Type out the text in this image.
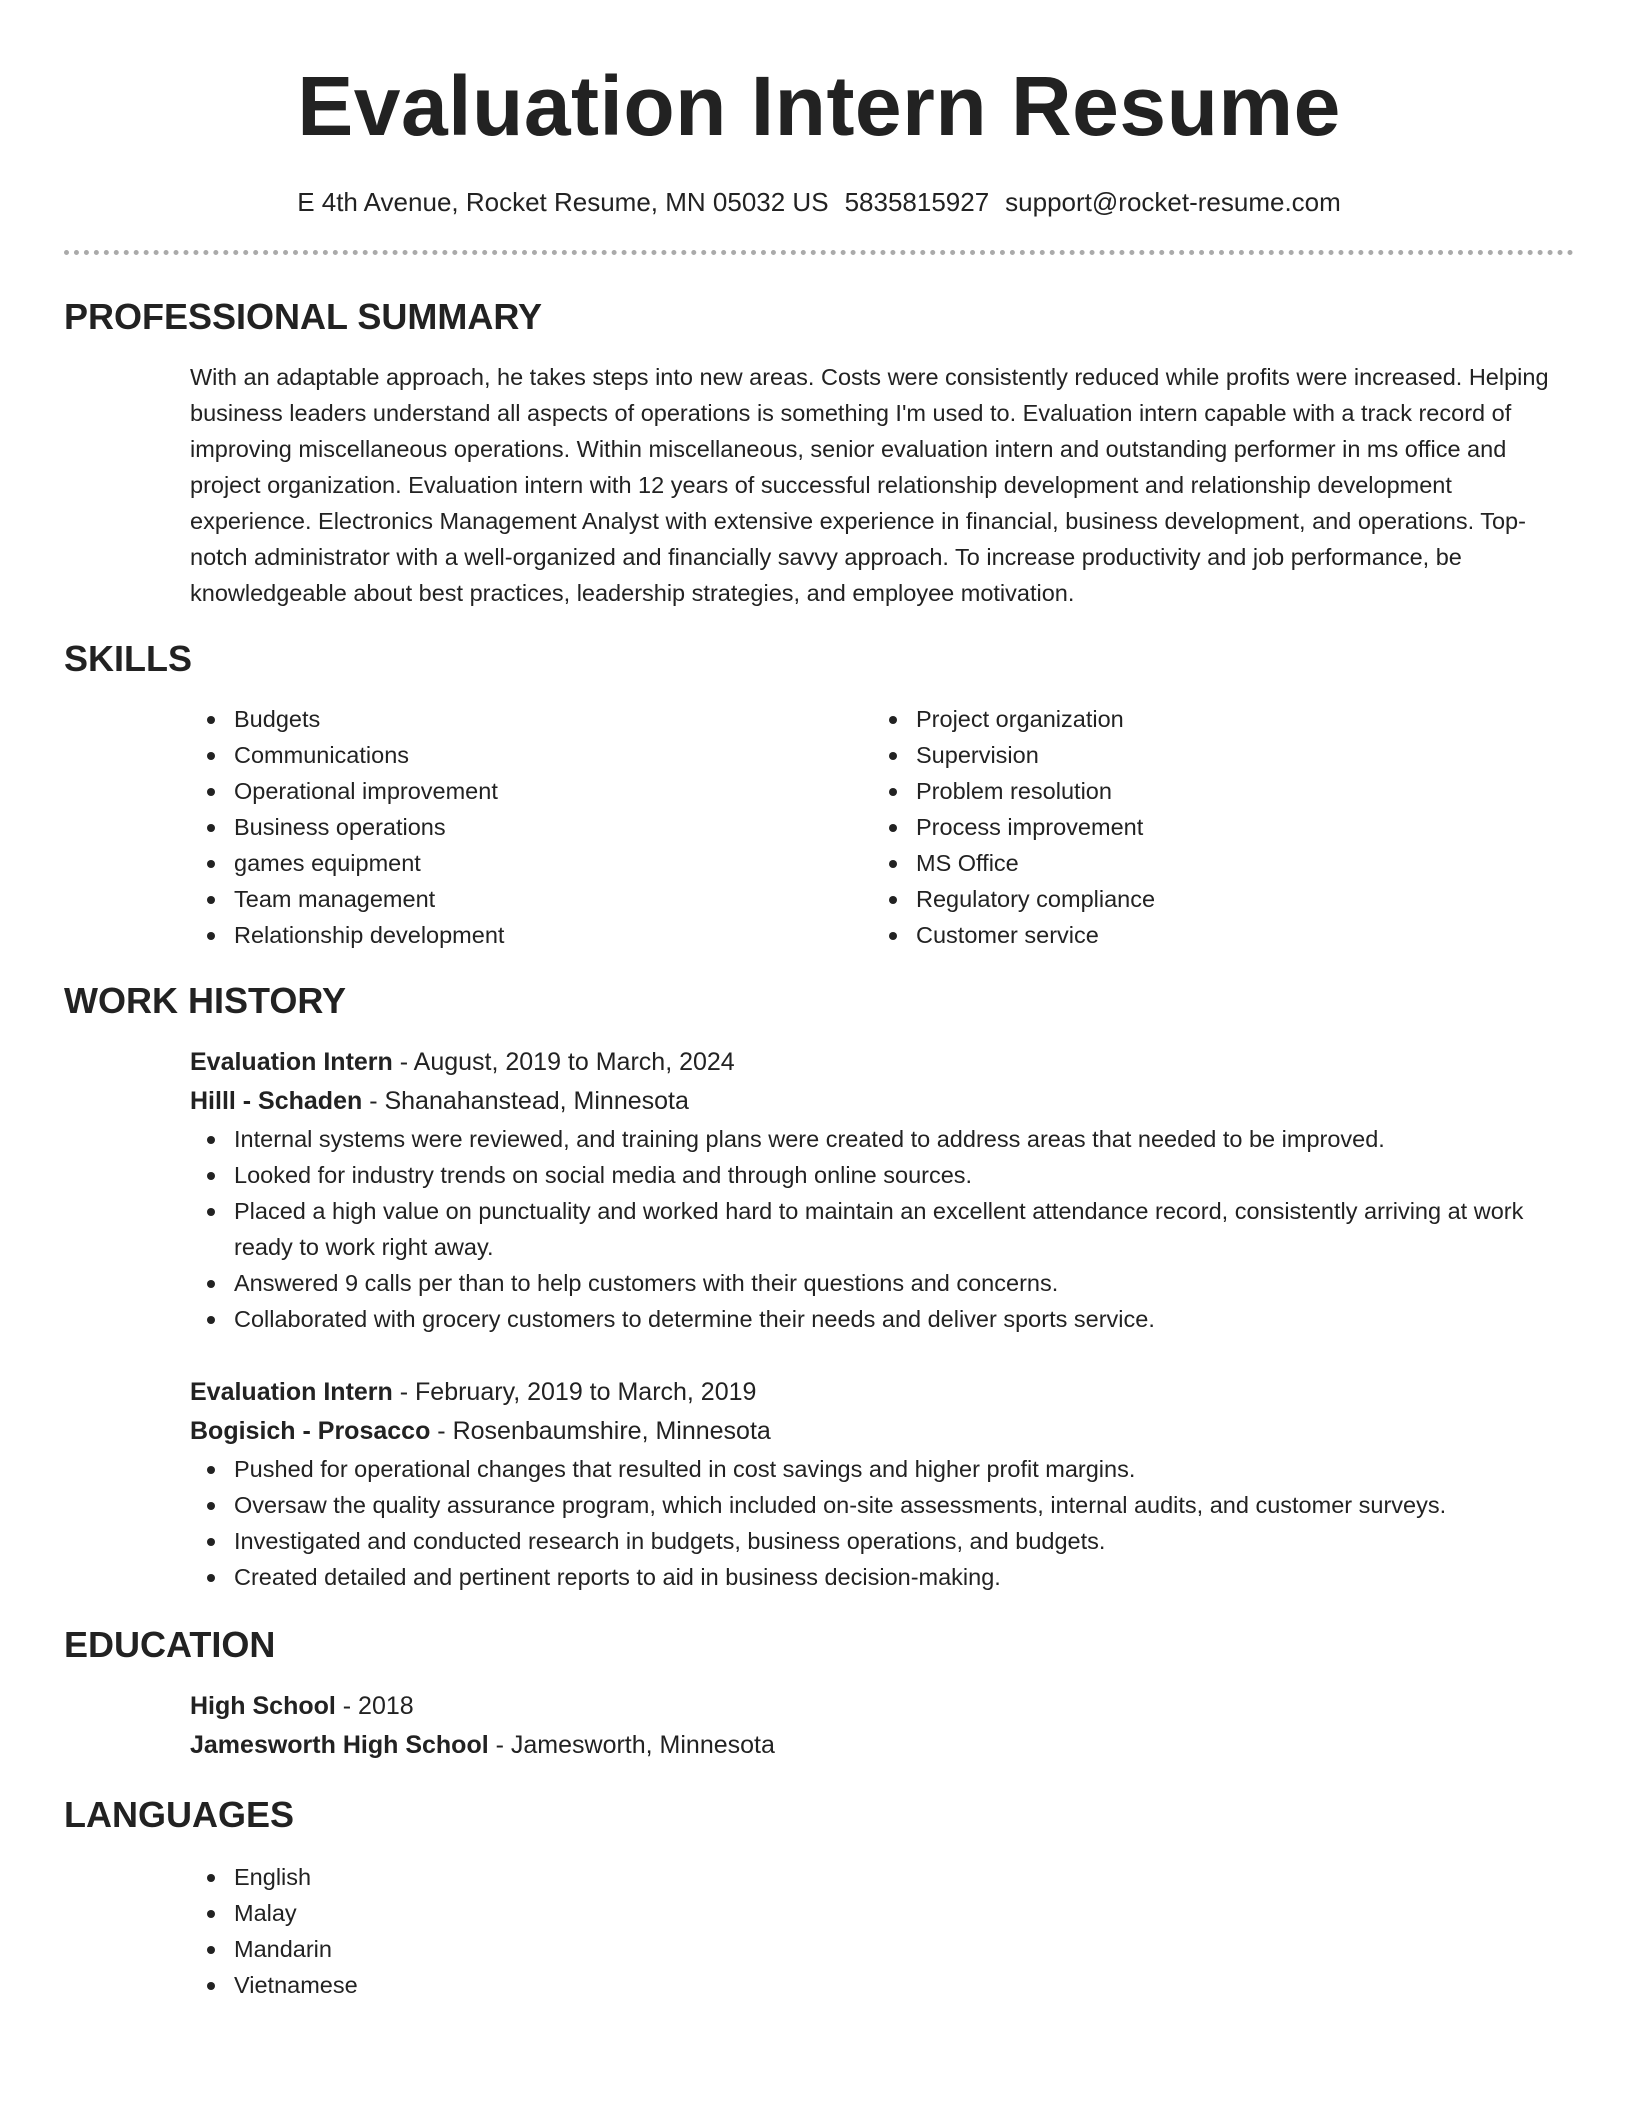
Evaluation Intern Resume
E 4th Avenue, Rocket Resume, MN 05032 US 5835815927 support@rocket-resume.com
PROFESSIONAL SUMMARY

With an adaptable approach, he takes steps into new areas. Costs were consistently reduced while profits were increased. Helping business leaders understand all aspects of operations is something I'm used to. Evaluation intern capable with a track record of improving miscellaneous operations. Within miscellaneous, senior evaluation intern and outstanding performer in ms office and project organization. Evaluation intern with 12 years of successful relationship development and relationship development experience. Electronics Management Analyst with extensive experience in financial, business development, and operations. Top-notch administrator with a well-organized and financially savvy approach. To increase productivity and job performance, be knowledgeable about best practices, leadership strategies, and employee motivation.

SKILLS
Budgets
Communications
Operational improvement
Business operations
games equipment
Team management
Relationship development
Project organization
Supervision
Problem resolution
Process improvement
MS Office
Regulatory compliance
Customer service
WORK HISTORY
Evaluation Intern - August, 2019 to March, 2024
Hilll - Schaden - Shanahanstead, Minnesota
Internal systems were reviewed, and training plans were created to address areas that needed to be improved.
Looked for industry trends on social media and through online sources.
Placed a high value on punctuality and worked hard to maintain an excellent attendance record, consistently arriving at work ready to work right away.
Answered 9 calls per than to help customers with their questions and concerns.
Collaborated with grocery customers to determine their needs and deliver sports service.
Evaluation Intern - February, 2019 to March, 2019
Bogisich - Prosacco - Rosenbaumshire, Minnesota
Pushed for operational changes that resulted in cost savings and higher profit margins.
Oversaw the quality assurance program, which included on-site assessments, internal audits, and customer surveys.
Investigated and conducted research in budgets, business operations, and budgets.
Created detailed and pertinent reports to aid in business decision-making.
EDUCATION
High School - 2018
Jamesworth High School - Jamesworth, Minnesota
LANGUAGES
English
Malay
Mandarin
Vietnamese
